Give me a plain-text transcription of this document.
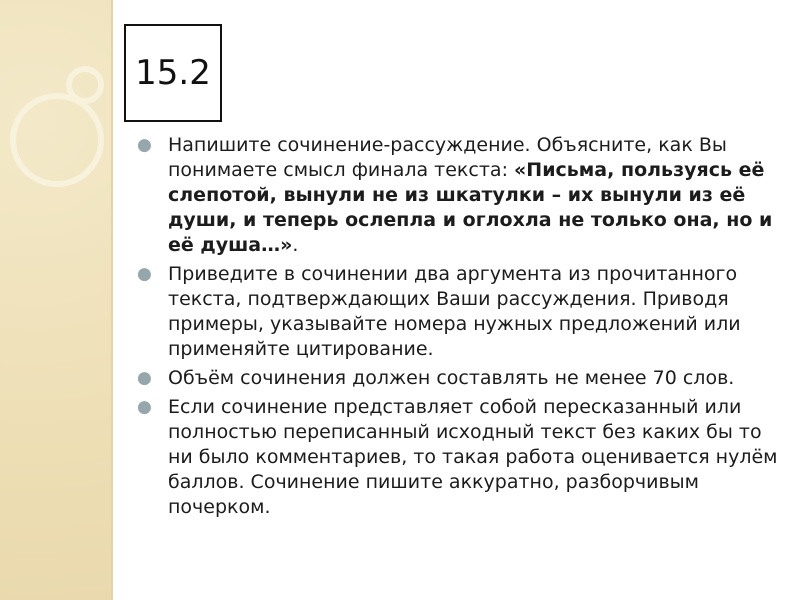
15.2
● Напишите сочинение-рассуждение. Объясните, как Вы понимаете смысл финала текста: «Письма, пользуясь её слепотой, вынули не из шкатулки – их вынули из её души, и теперь ослепла и оглохла не только она, но и её душа…».
● Приведите в сочинении два аргумента из прочитанного текста, подтверждающих Ваши рассуждения. Приводя примеры, указывайте номера нужных предложений или применяйте цитирование.
● Объём сочинения должен составлять не менее 70 слов.
● Если сочинение представляет собой пересказанный или полностью переписанный исходный текст без каких бы то ни было комментариев, то такая работа оценивается нулём баллов. Сочинение пишите аккуратно, разборчивым почерком.
